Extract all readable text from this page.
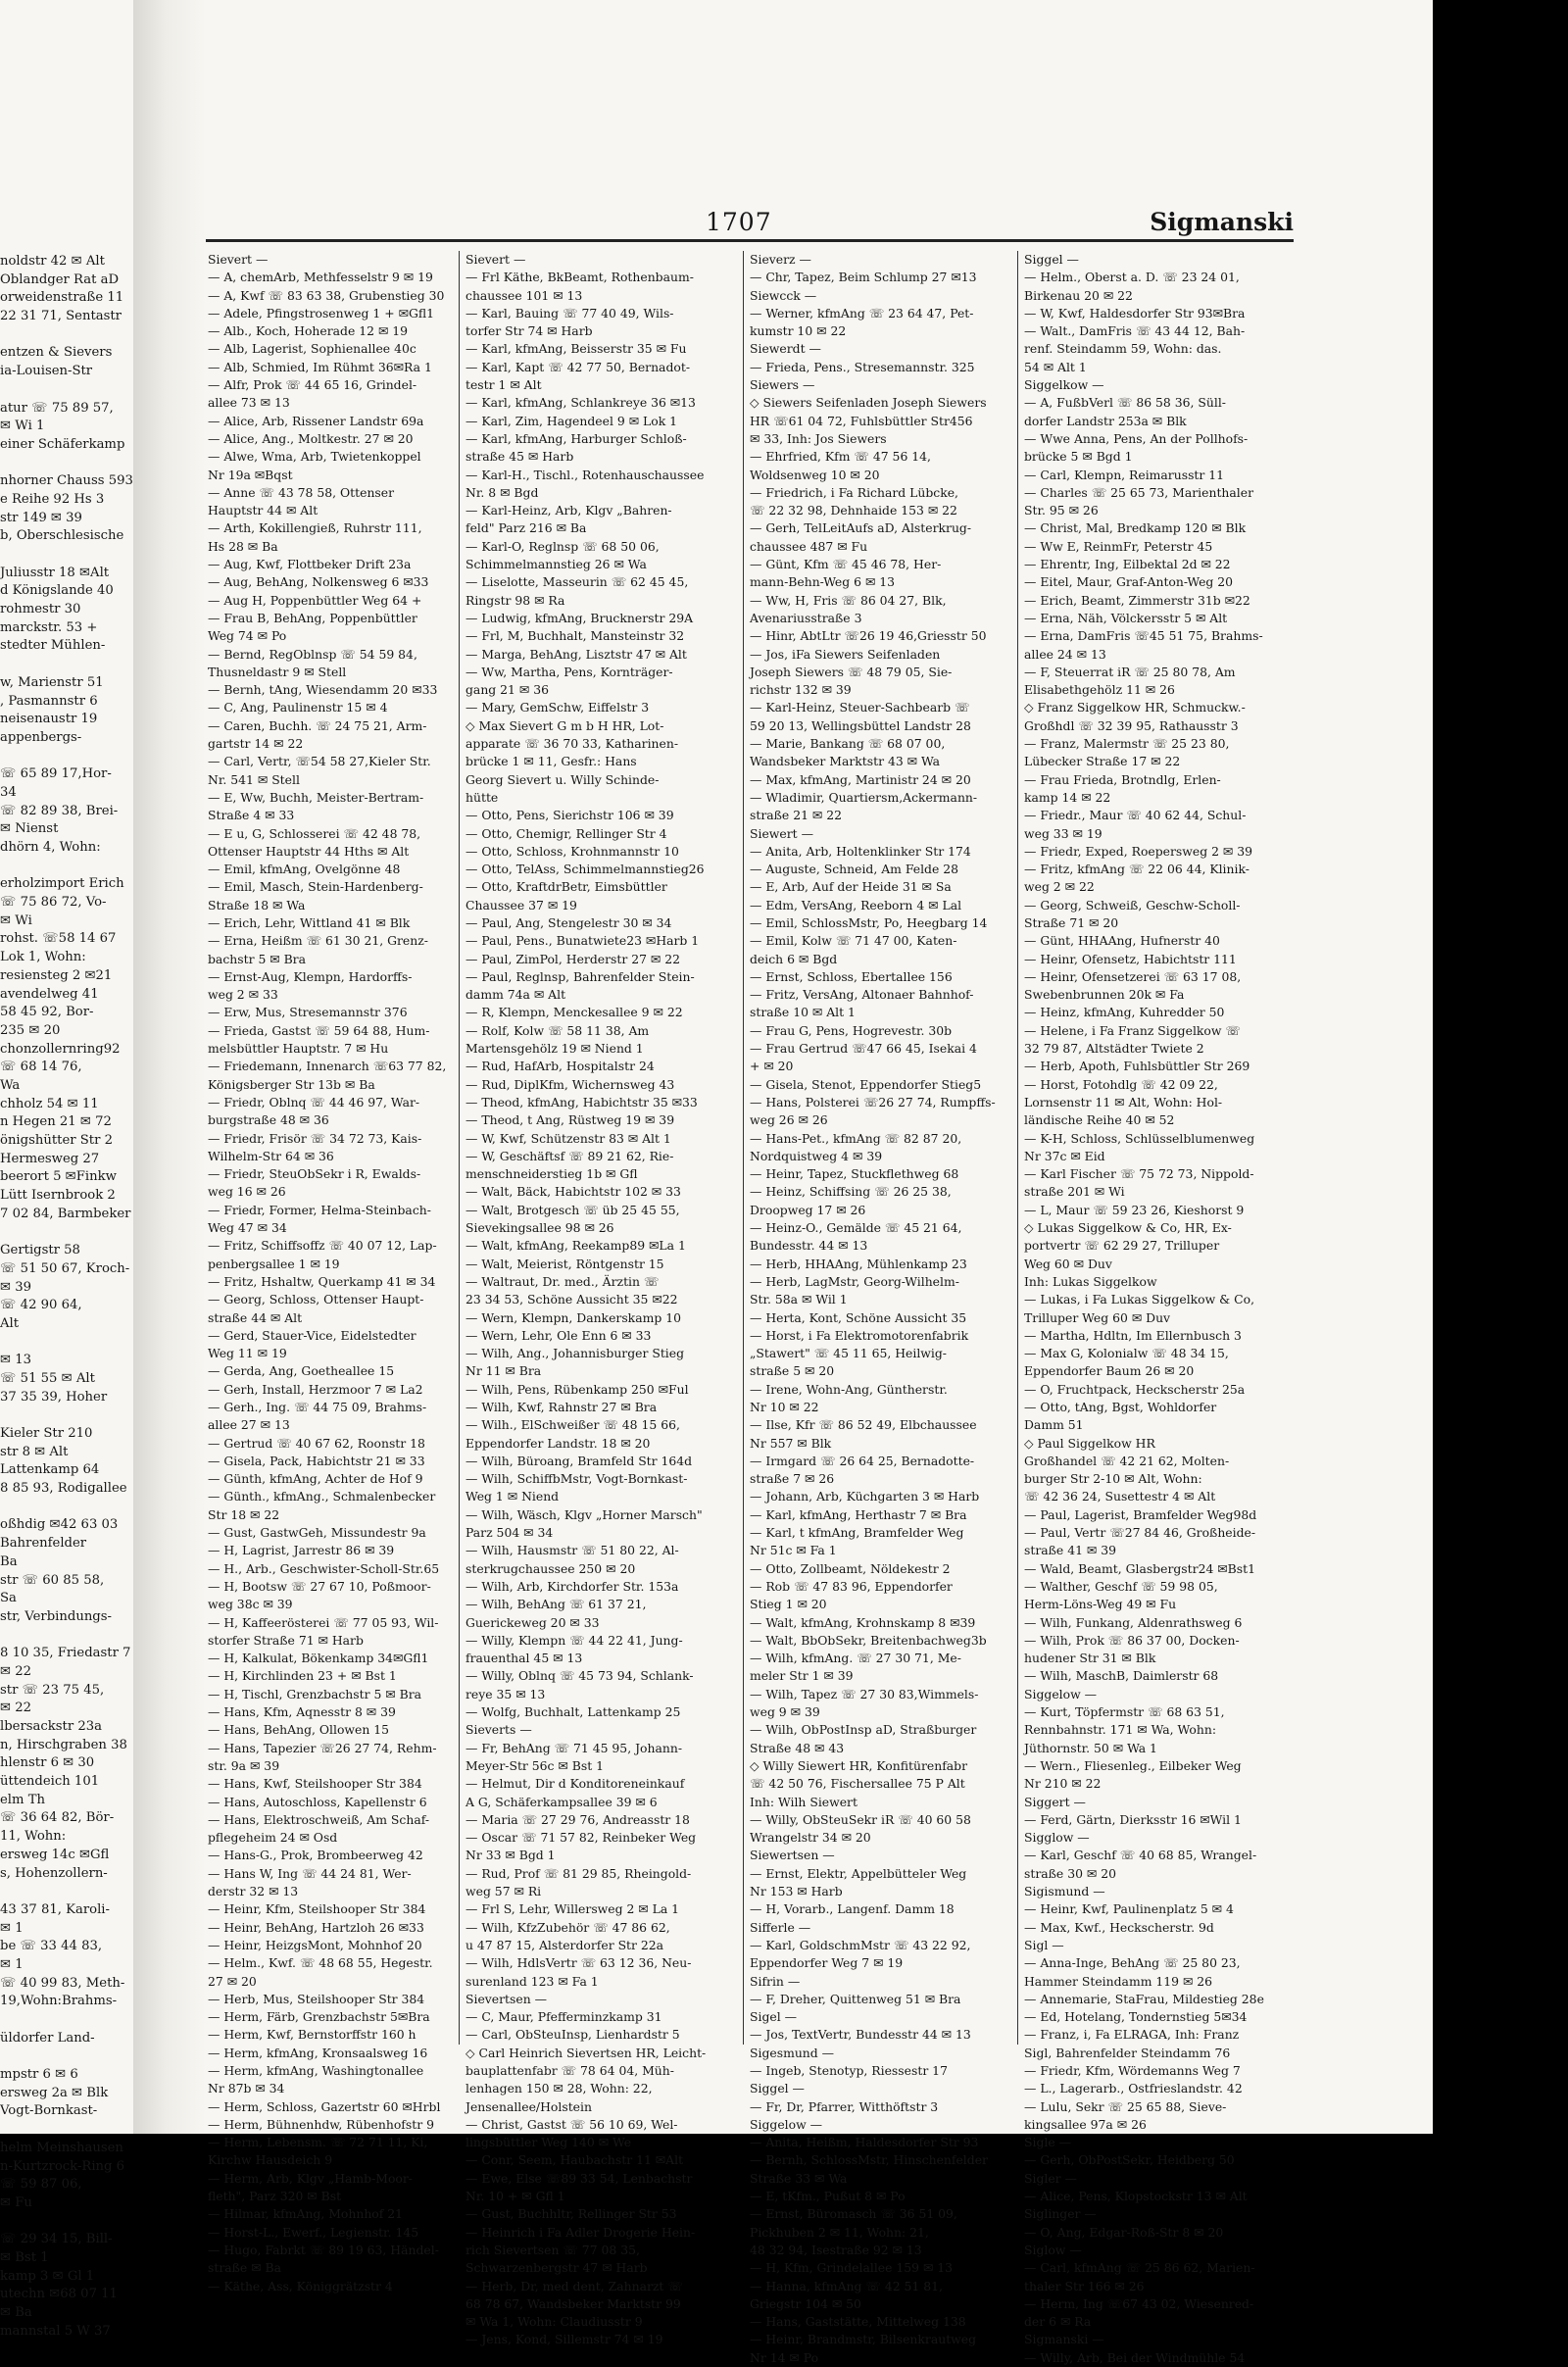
noldstr 42 ✉ Alt
Oblandger Rat aD
orweidenstraße 11
22 31 71, Sentastr
entzen & Sievers
ia-Louisen-Str
atur ☏ 75 89 57,
✉ Wi 1
einer Schäferkamp
nhorner Chauss 593
e Reihe 92 Hs 3
str 149 ✉ 39
b, Oberschlesische
Juliusstr 18 ✉Alt
d Königslande 40
rohmestr 30
marckstr. 53 +
stedter Mühlen-
w, Marienstr 51
, Pasmannstr 6
neisenaustr 19
appenbergs-
☏ 65 89 17,Hor-
34
☏ 82 89 38, Brei-
✉ Nienst
dhörn 4, Wohn:
erholzimport Erich
☏ 75 86 72, Vo-
✉ Wi
rohst. ☏58 14 67
Lok 1, Wohn:
resiensteg 2 ✉21
avendelweg 41
58 45 92, Bor-
235 ✉ 20
chonzollernring92
☏ 68 14 76,
Wa
chholz 54 ✉ 11
n Hegen 21 ✉ 72
önigshütter Str 2
Hermesweg 27
beerort 5 ✉Finkw
Lütt Isernbrook 2
7 02 84, Barmbeker
Gertigstr 58
☏ 51 50 67, Kroch-
✉ 39
☏ 42 90 64,
Alt
✉ 13
☏ 51 55 ✉ Alt
37 35 39, Hoher
Kieler Str 210
str 8 ✉ Alt
Lattenkamp 64
8 85 93, Rodigallee
oßhdig ✉42 63 03
Bahrenfelder
Ba
str ☏ 60 85 58,
Sa
str, Verbindungs-
8 10 35, Friedastr 7
✉ 22
str ☏ 23 75 45,
✉ 22
lbersackstr 23a
n, Hirschgraben 38
hlenstr 6 ✉ 30
üttendeich 101
elm Th
☏ 36 64 82, Bör-
11, Wohn:
ersweg 14c ✉Gfl
s, Hohenzollern-
43 37 81, Karoli-
✉ 1
be ☏ 33 44 83,
✉ 1
☏ 40 99 83, Meth-
19,Wohn:Brahms-
üldorfer Land-
mpstr 6 ✉ 6
ersweg 2a ✉ Blk
Vogt-Bornkast-
helm Meinshausen
n-Kurtzrock-Ring 6
☏ 59 87 06,
✉ Fu
☏ 29 34 15, Bill-
✉ Bst 1
kamp 3 ✉ Gl 1
utechn ✉68 07 11
✉ Ba
mannstal 5 W 37
1707	Sigmanski
Sievert —
— A, chemArb, Methfesselstr 9 ✉ 19
— A, Kwf ☏ 83 63 38, Grubenstieg 30
— Adele, Pfingstrosenweg 1 + ✉Gfl1
— Alb., Koch, Hoherade 12 ✉ 19
— Alb, Lagerist, Sophienallee 40c
— Alb, Schmied, Im Rühmt 36✉Ra 1
— Alfr, Prok ☏ 44 65 16, Grindel-
allee 73 ✉ 13
— Alice, Arb, Rissener Landstr 69a
— Alice, Ang., Moltkestr. 27 ✉ 20
— Alwe, Wma, Arb, Twietenkoppel
Nr 19a ✉Bqst
— Anne ☏ 43 78 58, Ottenser
Hauptstr 44 ✉ Alt
— Arth, Kokillengieß, Ruhrstr 111,
Hs 28 ✉ Ba
— Aug, Kwf, Flottbeker Drift 23a
— Aug, BehAng, Nolkensweg 6 ✉33
— Aug H, Poppenbüttler Weg 64 +
— Frau B, BehAng, Poppenbüttler
Weg 74 ✉ Po
— Bernd, RegOblnsp ☏ 54 59 84,
Thusneldastr 9 ✉ Stell
— Bernh, tAng, Wiesendamm 20 ✉33
— C, Ang, Paulinenstr 15 ✉ 4
— Caren, Buchh. ☏ 24 75 21, Arm-
gartstr 14 ✉ 22
— Carl, Vertr, ☏54 58 27,Kieler Str.
Nr. 541 ✉ Stell
— E, Ww, Buchh, Meister-Bertram-
Straße 4 ✉ 33
— E u, G, Schlosserei ☏ 42 48 78,
Ottenser Hauptstr 44 Hths ✉ Alt
— Emil, kfmAng, Ovelgönne 48
— Emil, Masch, Stein-Hardenberg-
Straße 18 ✉ Wa
— Erich, Lehr, Wittland 41 ✉ Blk
— Erna, Heißm ☏ 61 30 21, Grenz-
bachstr 5 ✉ Bra
— Ernst-Aug, Klempn, Hardorffs-
weg 2 ✉ 33
— Erw, Mus, Stresemannstr 376
— Frieda, Gastst ☏ 59 64 88, Hum-
melsbüttler Hauptstr. 7 ✉ Hu
— Friedemann, Innenarch ☏63 77 82,
Königsberger Str 13b ✉ Ba
— Friedr, Oblnq ☏ 44 46 97, War-
burgstraße 48 ✉ 36
— Friedr, Frisör ☏ 34 72 73, Kais-
Wilhelm-Str 64 ✉ 36
— Friedr, SteuObSekr i R, Ewalds-
weg 16 ✉ 26
— Friedr, Former, Helma-Steinbach-
Weg 47 ✉ 34
— Fritz, Schiffsoffz ☏ 40 07 12, Lap-
penbergsallee 1 ✉ 19
— Fritz, Hshaltw, Querkamp 41 ✉ 34
— Georg, Schloss, Ottenser Haupt-
straße 44 ✉ Alt
— Gerd, Stauer-Vice, Eidelstedter
Weg 11 ✉ 19
— Gerda, Ang, Goetheallee 15
— Gerh, Install, Herzmoor 7 ✉ La2
— Gerh., Ing. ☏ 44 75 09, Brahms-
allee 27 ✉ 13
— Gertrud ☏ 40 67 62, Roonstr 18
— Gisela, Pack, Habichtstr 21 ✉ 33
— Günth, kfmAng, Achter de Hof 9
— Günth., kfmAng., Schmalenbecker
Str 18 ✉ 22
— Gust, GastwGeh, Missundestr 9a
— H, Lagrist, Jarrestr 86 ✉ 39
— H., Arb., Geschwister-Scholl-Str.65
— H, Bootsw ☏ 27 67 10, Poßmoor-
weg 38c ✉ 39
— H, Kaffeerösterei ☏ 77 05 93, Wil-
storfer Straße 71 ✉ Harb
— H, Kalkulat, Bökenkamp 34✉Gfl1
— H, Kirchlinden 23 + ✉ Bst 1
— H, Tischl, Grenzbachstr 5 ✉ Bra
— Hans, Kfm, Aqnesstr 8 ✉ 39
— Hans, BehAng, Ollowen 15
— Hans, Tapezier ☏26 27 74, Rehm-
str. 9a ✉ 39
— Hans, Kwf, Steilshooper Str 384
— Hans, Autoschloss, Kapellenstr 6
— Hans, Elektroschweiß, Am Schaf-
pflegeheim 24 ✉ Osd
— Hans-G., Prok, Brombeerweg 42
— Hans W, Ing ☏ 44 24 81, Wer-
derstr 32 ✉ 13
— Heinr, Kfm, Steilshooper Str 384
— Heinr, BehAng, Hartzloh 26 ✉33
— Heinr, HeizgsMont, Mohnhof 20
— Helm., Kwf. ☏ 48 68 55, Hegestr.
27 ✉ 20
— Herb, Mus, Steilshooper Str 384
— Herm, Färb, Grenzbachstr 5✉Bra
— Herm, Kwf, Bernstorffstr 160 h
— Herm, kfmAng, Kronsaalsweg 16
— Herm, kfmAng, Washingtonallee
Nr 87b ✉ 34
— Herm, Schloss, Gazertstr 60 ✉Hrbl
— Herm, Bühnenhdw, Rübenhofstr 9
— Herm, Lebensm. ☏ 72 71 11, Ki,
Kirchw Hausdeich 9
— Herm, Arb, Klgv „Hamb-Moor-
fleth", Parz 320 ✉ Bst
— Hilmar, kfmAng, Mohnhof 21
— Horst-L., Ewerf., Legienstr. 145
— Hugo, Fabrkt ☏ 89 19 63, Händel-
straße ✉ Ba
— Käthe, Ass, Königgrätzstr 4
Sievert —
— Frl Käthe, BkBeamt, Rothenbaum-
chaussee 101 ✉ 13
— Karl, Bauing ☏ 77 40 49, Wils-
torfer Str 74 ✉ Harb
— Karl, kfmAng, Beisserstr 35 ✉ Fu
— Karl, Kapt ☏ 42 77 50, Bernadot-
testr 1 ✉ Alt
— Karl, kfmAng, Schlankreye 36 ✉13
— Karl, Zim, Hagendeel 9 ✉ Lok 1
— Karl, kfmAng, Harburger Schloß-
straße 45 ✉ Harb
— Karl-H., Tischl., Rotenhauschaussee
Nr. 8 ✉ Bgd
— Karl-Heinz, Arb, Klgv „Bahren-
feld" Parz 216 ✉ Ba
— Karl-O, Reglnsp ☏ 68 50 06,
Schimmelmannstieg 26 ✉ Wa
— Liselotte, Masseurin ☏ 62 45 45,
Ringstr 98 ✉ Ra
— Ludwig, kfmAng, Brucknerstr 29A
— Frl, M, Buchhalt, Mansteinstr 32
— Marga, BehAng, Lisztstr 47 ✉ Alt
— Ww, Martha, Pens, Kornträger-
gang 21 ✉ 36
— Mary, GemSchw, Eiffelstr 3
◇ Max Sievert G m b H HR, Lot-
apparate ☏ 36 70 33, Katharinen-
brücke 1 ✉ 11, Gesfr.: Hans
Georg Sievert u. Willy Schinde-
hütte
— Otto, Pens, Sierichstr 106 ✉ 39
— Otto, Chemigr, Rellinger Str 4
— Otto, Schloss, Krohnmannstr 10
— Otto, TelAss, Schimmelmannstieg26
— Otto, KraftdrBetr, Eimsbüttler
Chaussee 37 ✉ 19
— Paul, Ang, Stengelestr 30 ✉ 34
— Paul, Pens., Bunatwiete23 ✉Harb 1
— Paul, ZimPol, Herderstr 27 ✉ 22
— Paul, Reglnsp, Bahrenfelder Stein-
damm 74a ✉ Alt
— R, Klempn, Menckesallee 9 ✉ 22
— Rolf, Kolw ☏ 58 11 38, Am
Martensgehölz 19 ✉ Niend 1
— Rud, HafArb, Hospitalstr 24
— Rud, DiplKfm, Wichernsweg 43
— Theod, kfmAng, Habichtstr 35 ✉33
— Theod, t Ang, Rüstweg 19 ✉ 39
— W, Kwf, Schützenstr 83 ✉ Alt 1
— W, Geschäftsf ☏ 89 21 62, Rie-
menschneiderstieg 1b ✉ Gfl
— Walt, Bäck, Habichtstr 102 ✉ 33
— Walt, Brotgesch ☏ üb 25 45 55,
Sievekingsallee 98 ✉ 26
— Walt, kfmAng, Reekamp89 ✉La 1
— Walt, Meierist, Röntgenstr 15
— Waltraut, Dr. med., Ärztin ☏
23 34 53, Schöne Aussicht 35 ✉22
— Wern, Klempn, Dankerskamp 10
— Wern, Lehr, Ole Enn 6 ✉ 33
— Wilh, Ang., Johannisburger Stieg
Nr 11 ✉ Bra
— Wilh, Pens, Rübenkamp 250 ✉Ful
— Wilh, Kwf, Rahnstr 27 ✉ Bra
— Wilh., ElSchweißer ☏ 48 15 66,
Eppendorfer Landstr. 18 ✉ 20
— Wilh, Büroang, Bramfeld Str 164d
— Wilh, SchiffbMstr, Vogt-Bornkast-
Weg 1 ✉ Niend
— Wilh, Wäsch, Klgv „Horner Marsch"
Parz 504 ✉ 34
— Wilh, Hausmstr ☏ 51 80 22, Al-
sterkrugchaussee 250 ✉ 20
— Wilh, Arb, Kirchdorfer Str. 153a
— Wilh, BehAng ☏ 61 37 21,
Guerickeweg 20 ✉ 33
— Willy, Klempn ☏ 44 22 41, Jung-
frauenthal 45 ✉ 13
— Willy, Oblnq ☏ 45 73 94, Schlank-
reye 35 ✉ 13
— Wolfg, Buchhalt, Lattenkamp 25
Sieverts —
— Fr, BehAng ☏ 71 45 95, Johann-
Meyer-Str 56c ✉ Bst 1
— Helmut, Dir d Konditoreneinkauf
A G, Schäferkampsallee 39 ✉ 6
— Maria ☏ 27 29 76, Andreasstr 18
— Oscar ☏ 71 57 82, Reinbeker Weg
Nr 33 ✉ Bgd 1
— Rud, Prof ☏ 81 29 85, Rheingold-
weg 57 ✉ Ri
— Frl S, Lehr, Willersweg 2 ✉ La 1
— Wilh, KfzZubehör ☏ 47 86 62,
u 47 87 15, Alsterdorfer Str 22a
— Wilh, HdlsVertr ☏ 63 12 36, Neu-
surenland 123 ✉ Fa 1
Sievertsen —
— C, Maur, Pfefferminzkamp 31
— Carl, ObSteuInsp, Lienhardstr 5
◇ Carl Heinrich Sievertsen HR, Leicht-
bauplattenfabr ☏ 78 64 04, Müh-
lenhagen 150 ✉ 28, Wohn: 22,
Jensenallee/Holstein
— Christ, Gastst ☏ 56 10 69, Wel-
lingsbüttler Weg 140 ✉ We
— Conr, Seem, Haubachstr 11 ✉Alt
— Ewe, Else ☏89 33 54, Lenbachstr
Nr. 10 + ✉ Gfl 1
— Gust, Buchhltr, Rellinger Str 53
— Heinrich i Fa Adler Drogerie Hein-
rich Sievertsen ☏ 77 08 35,
Schwarzenbergstr 47 ✉ Harb
— Herb, Dr, med dent, Zahnarzt ☏
68 78 67, Wandsbeker Marktstr 99
✉ Wa 1, Wohn: Claudiusstr 9
— Jens, Kond, Sillemstr 74 ✉ 19
Sieverz —
— Chr, Tapez, Beim Schlump 27 ✉13
Siewcck —
— Werner, kfmAng ☏ 23 64 47, Pet-
kumstr 10 ✉ 22
Siewerdt —
— Frieda, Pens., Stresemannstr. 325
Siewers —
◇ Siewers Seifenladen Joseph Siewers
HR ☏61 04 72, Fuhlsbüttler Str456
✉ 33, Inh: Jos Siewers
— Ehrfried, Kfm ☏ 47 56 14,
Woldsenweg 10 ✉ 20
— Friedrich, i Fa Richard Lübcke,
☏ 22 32 98, Dehnhaide 153 ✉ 22
— Gerh, TelLeitAufs aD, Alsterkrug-
chaussee 487 ✉ Fu
— Günt, Kfm ☏ 45 46 78, Her-
mann-Behn-Weg 6 ✉ 13
— Ww, H, Fris ☏ 86 04 27, Blk,
Avenariusstraße 3
— Hinr, AbtLtr ☏26 19 46,Griesstr 50
— Jos, iFa Siewers Seifenladen
Joseph Siewers ☏ 48 79 05, Sie-
richstr 132 ✉ 39
— Karl-Heinz, Steuer-Sachbearb ☏
59 20 13, Wellingsbüttel Landstr 28
— Marie, Bankang ☏ 68 07 00,
Wandsbeker Marktstr 43 ✉ Wa
— Max, kfmAng, Martinistr 24 ✉ 20
— Wladimir, Quartiersm,Ackermann-
straße 21 ✉ 22
Siewert —
— Anita, Arb, Holtenklinker Str 174
— Auguste, Schneid, Am Felde 28
— E, Arb, Auf der Heide 31 ✉ Sa
— Edm, VersAng, Reeborn 4 ✉ Lal
— Emil, SchlossMstr, Po, Heegbarg 14
— Emil, Kolw ☏ 71 47 00, Katen-
deich 6 ✉ Bgd
— Ernst, Schloss, Ebertallee 156
— Fritz, VersAng, Altonaer Bahnhof-
straße 10 ✉ Alt 1
— Frau G, Pens, Hogrevestr. 30b
— Frau Gertrud ☏47 66 45, Isekai 4
+ ✉ 20
— Gisela, Stenot, Eppendorfer Stieg5
— Hans, Polsterei ☏26 27 74, Rumpffs-
weg 26 ✉ 26
— Hans-Pet., kfmAng ☏ 82 87 20,
Nordquistweg 4 ✉ 39
— Heinr, Tapez, Stuckflethweg 68
— Heinz, Schiffsing ☏ 26 25 38,
Droopweg 17 ✉ 26
— Heinz-O., Gemälde ☏ 45 21 64,
Bundesstr. 44 ✉ 13
— Herb, HHAAng, Mühlenkamp 23
— Herb, LagMstr, Georg-Wilhelm-
Str. 58a ✉ Wil 1
— Herta, Kont, Schöne Aussicht 35
— Horst, i Fa Elektromotorenfabrik
„Stawert" ☏ 45 11 65, Heilwig-
straße 5 ✉ 20
— Irene, Wohn-Ang, Güntherstr.
Nr 10 ✉ 22
— Ilse, Kfr ☏ 86 52 49, Elbchaussee
Nr 557 ✉ Blk
— Irmgard ☏ 26 64 25, Bernadotte-
straße 7 ✉ 26
— Johann, Arb, Küchgarten 3 ✉ Harb
— Karl, kfmAng, Herthastr 7 ✉ Bra
— Karl, t kfmAng, Bramfelder Weg
Nr 51c ✉ Fa 1
— Otto, Zollbeamt, Nöldekestr 2
— Rob ☏ 47 83 96, Eppendorfer
Stieg 1 ✉ 20
— Walt, kfmAng, Krohnskamp 8 ✉39
— Walt, BbObSekr, Breitenbachweg3b
— Wilh, kfmAng. ☏ 27 30 71, Me-
meler Str 1 ✉ 39
— Wilh, Tapez ☏ 27 30 83,Wimmels-
weg 9 ✉ 39
— Wilh, ObPostInsp aD, Straßburger
Straße 48 ✉ 43
◇ Willy Siewert HR, Konfitürenfabr
☏ 42 50 76, Fischersallee 75 P Alt
Inh: Wilh Siewert
— Willy, ObSteuSekr iR ☏ 40 60 58
Wrangelstr 34 ✉ 20
Siewertsen —
— Ernst, Elektr, Appelbütteler Weg
Nr 153 ✉ Harb
— H, Vorarb., Langenf. Damm 18
Sifferle —
— Karl, GoldschmMstr ☏ 43 22 92,
Eppendorfer Weg 7 ✉ 19
Sifrin —
— F, Dreher, Quittenweg 51 ✉ Bra
Sigel —
— Jos, TextVertr, Bundesstr 44 ✉ 13
Sigesmund —
— Ingeb, Stenotyp, Riessestr 17
Siggel —
— Fr, Dr, Pfarrer, Witthöftstr 3
Siggelow —
— Anita, Heißm, Haldesdorfer Str 93
— Bernh, SchlossMstr, Hinschenfelder
Straße 33 ✉ Wa
— E, tKfm., Pußut 8 ✉ Po
— Ernst, Büromasch ☏ 36 51 09,
Pickhuben 2 ✉ 11, Wohn: 21,
48 32 94, Isestraße 92 ✉ 13
— H, Kfm, Grindelallee 159 ✉ 13
— Hanna, kfmAng ☏ 42 51 81,
Griegstr 104 ✉ 50
— Hans, Gaststätte, Mittelweg 138
— Heinr, Brandmstr, Bilsenkrautweg
Nr 14 ✉ Po
Siggel —
— Helm., Oberst a. D. ☏ 23 24 01,
Birkenau 20 ✉ 22
— W, Kwf, Haldesdorfer Str 93✉Bra
— Walt., DamFris ☏ 43 44 12, Bah-
renf. Steindamm 59, Wohn: das.
54 ✉ Alt 1
Siggelkow —
— A, FußbVerl ☏ 86 58 36, Süll-
dorfer Landstr 253a ✉ Blk
— Wwe Anna, Pens, An der Pollhofs-
brücke 5 ✉ Bgd 1
— Carl, Klempn, Reimarusstr 11
— Charles ☏ 25 65 73, Marienthaler
Str. 95 ✉ 26
— Christ, Mal, Bredkamp 120 ✉ Blk
— Ww E, ReinmFr, Peterstr 45
— Ehrentr, Ing, Eilbektal 2d ✉ 22
— Eitel, Maur, Graf-Anton-Weg 20
— Erich, Beamt, Zimmerstr 31b ✉22
— Erna, Näh, Völckersstr 5 ✉ Alt
— Erna, DamFris ☏45 51 75, Brahms-
allee 24 ✉ 13
— F, Steuerrat iR ☏ 25 80 78, Am
Elisabethgehölz 11 ✉ 26
◇ Franz Siggelkow HR, Schmuckw.-
Großhdl ☏ 32 39 95, Rathausstr 3
— Franz, Malermstr ☏ 25 23 80,
Lübecker Straße 17 ✉ 22
— Frau Frieda, Brotndlg, Erlen-
kamp 14 ✉ 22
— Friedr., Maur ☏ 40 62 44, Schul-
weg 33 ✉ 19
— Friedr, Exped, Roepersweg 2 ✉ 39
— Fritz, kfmAng ☏ 22 06 44, Klinik-
weg 2 ✉ 22
— Georg, Schweiß, Geschw-Scholl-
Straße 71 ✉ 20
— Günt, HHAAng, Hufnerstr 40
— Heinr, Ofensetz, Habichtstr 111
— Heinr, Ofensetzerei ☏ 63 17 08,
Swebenbrunnen 20k ✉ Fa
— Heinz, kfmAng, Kuhredder 50
— Helene, i Fa Franz Siggelkow ☏
32 79 87, Altstädter Twiete 2
— Herb, Apoth, Fuhlsbüttler Str 269
— Horst, Fotohdlg ☏ 42 09 22,
Lornsenstr 11 ✉ Alt, Wohn: Hol-
ländische Reihe 40 ✉ 52
— K-H, Schloss, Schlüsselblumenweg
Nr 37c ✉ Eid
— Karl Fischer ☏ 75 72 73, Nippold-
straße 201 ✉ Wi
— L, Maur ☏ 59 23 26, Kieshorst 9
◇ Lukas Siggelkow & Co, HR, Ex-
portvertr ☏ 62 29 27, Trilluper
Weg 60 ✉ Duv
Inh: Lukas Siggelkow
— Lukas, i Fa Lukas Siggelkow & Co,
Trilluper Weg 60 ✉ Duv
— Martha, Hdltn, Im Ellernbusch 3
— Max G, Kolonialw ☏ 48 34 15,
Eppendorfer Baum 26 ✉ 20
— O, Fruchtpack, Heckscherstr 25a
— Otto, tAng, Bgst, Wohldorfer
Damm 51
◇ Paul Siggelkow HR
Großhandel ☏ 42 21 62, Molten-
burger Str 2-10 ✉ Alt, Wohn:
☏ 42 36 24, Susettestr 4 ✉ Alt
— Paul, Lagerist, Bramfelder Weg98d
— Paul, Vertr ☏27 84 46, Großheide-
straße 41 ✉ 39
— Wald, Beamt, Glasbergstr24 ✉Bst1
— Walther, Geschf ☏ 59 98 05,
Herm-Löns-Weg 49 ✉ Fu
— Wilh, Funkang, Aldenrathsweg 6
— Wilh, Prok ☏ 86 37 00, Docken-
hudener Str 31 ✉ Blk
— Wilh, MaschB, Daimlerstr 68
Siggelow —
— Kurt, Töpfermstr ☏ 68 63 51,
Rennbahnstr. 171 ✉ Wa, Wohn:
Jüthornstr. 50 ✉ Wa 1
— Wern., Fliesenleg., Eilbeker Weg
Nr 210 ✉ 22
Siggert —
— Ferd, Gärtn, Dierksstr 16 ✉Wil 1
Sigglow —
— Karl, Geschf ☏ 40 68 85, Wrangel-
straße 30 ✉ 20
Sigismund —
— Heinr, Kwf, Paulinenplatz 5 ✉ 4
— Max, Kwf., Heckscherstr. 9d
Sigl —
— Anna-Inge, BehAng ☏ 25 80 23,
Hammer Steindamm 119 ✉ 26
— Annemarie, StaFrau, Mildestieg 28e
— Ed, Hotelang, Tondernstieg 5✉34
— Franz, i, Fa ELRAGA, Inh: Franz
Sigl, Bahrenfelder Steindamm 76
— Friedr, Kfm, Wördemanns Weg 7
— L., Lagerarb., Ostfrieslandstr. 42
— Lulu, Sekr ☏ 25 65 88, Sieve-
kingsallee 97a ✉ 26
Sigle —
— Gerh, ObPostSekr, Heidberg 50
Sigler —
— Alice, Pens, Klopstockstr 13 ✉ Alt
Siglinger —
— O, Ang, Edgar-Roß-Str 8 ✉ 20
Siglow —
— Carl, kfmAng ☏ 25 86 62, Marien-
thaler Str 166 ✉ 26
— Herm, Ing ☏67 43 02, Wiesenred-
der 6 ✉ Ra
Sigmanski —
— Willy, Arb, Bei der Windmühle 54
